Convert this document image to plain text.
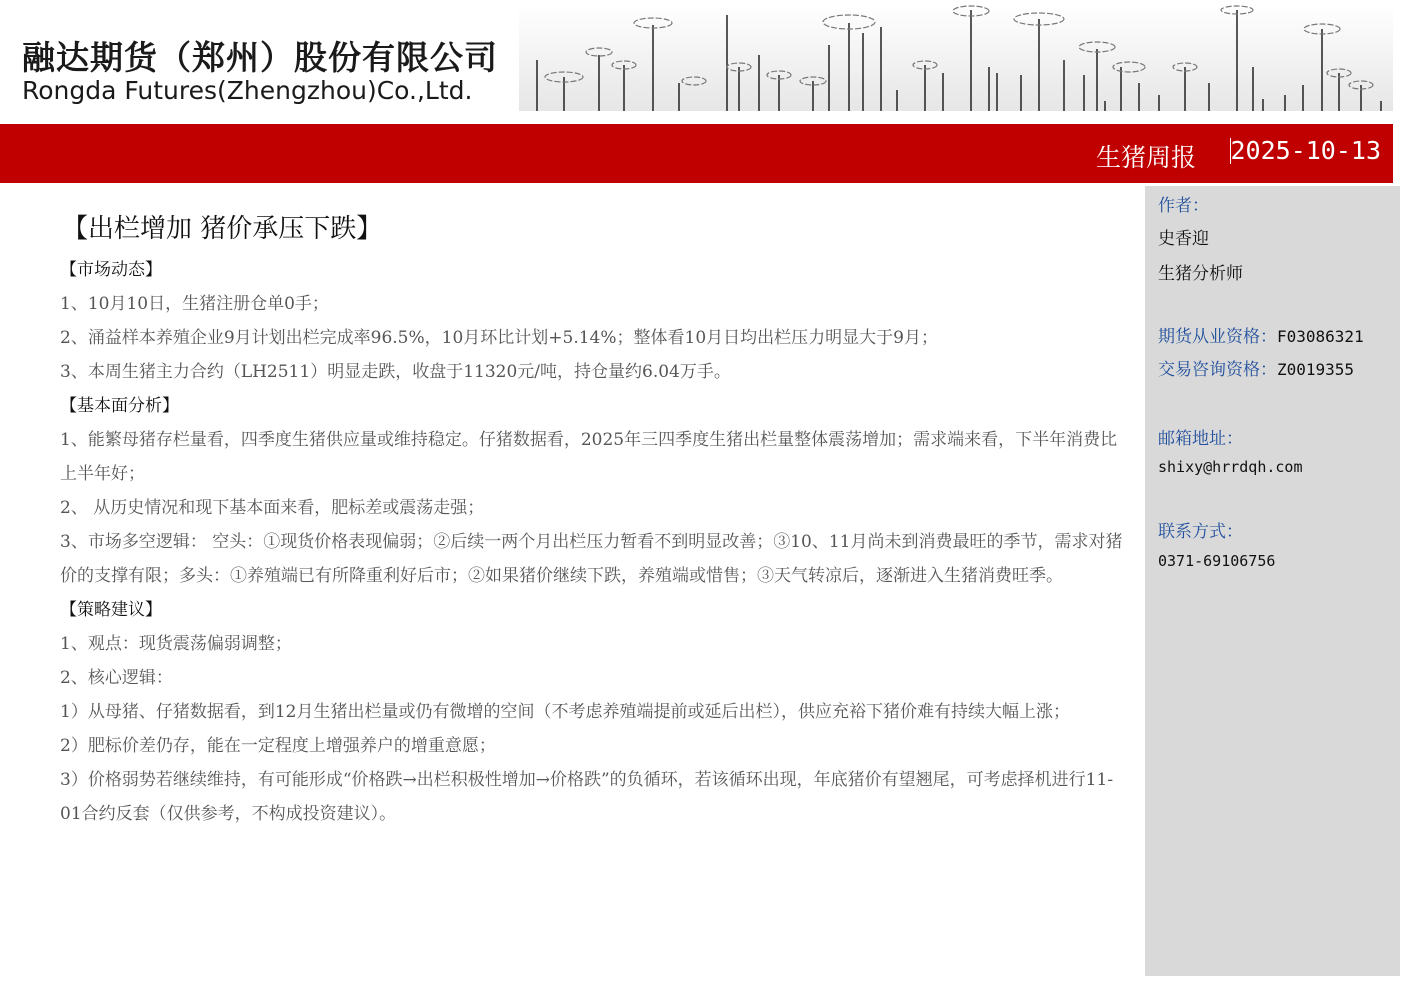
融达期货（郑州）股份有限公司
Rongda Futures(Zhengzhou)Co.,Ltd.
生猪周报 2025-10-13
作者：
史香迎
生猪分析师
期货从业资格：F03086321
交易咨询资格：Z0019355
邮箱地址：
shixy@hrrdqh.com
联系方式：
0371-69106756
【出栏增加 猪价承压下跌】
【市场动态】
1、10月10日，生猪注册仓单0手；
2、涌益样本养殖企业9月计划出栏完成率96.5%，10月环比计划+5.14%；整体看10月日均出栏压力明显大于9月；
3、本周生猪主力合约（LH2511）明显走跌，收盘于11320元/吨，持仓量约6.04万手。
【基本面分析】
1、能繁母猪存栏量看，四季度生猪供应量或维持稳定。仔猪数据看，2025年三四季度生猪出栏量整体震荡增加；需求端来看，下半年消费比上半年好；
2、 从历史情况和现下基本面来看，肥标差或震荡走强；
3、市场多空逻辑： 空头：①现货价格表现偏弱；②后续一两个月出栏压力暂看不到明显改善；③10、11月尚未到消费最旺的季节，需求对猪价的支撑有限；多头：①养殖端已有所降重利好后市；②如果猪价继续下跌，养殖端或惜售；③天气转凉后，逐渐进入生猪消费旺季。
【策略建议】
1、观点：现货震荡偏弱调整；
2、核心逻辑：
1）从母猪、仔猪数据看，到12月生猪出栏量或仍有微增的空间（不考虑养殖端提前或延后出栏），供应充裕下猪价难有持续大幅上涨；
2）肥标价差仍存，能在一定程度上增强养户的增重意愿；
3）价格弱势若继续维持，有可能形成“价格跌→出栏积极性增加→价格跌”的负循环，若该循环出现，年底猪价有望翘尾，可考虑择机进行11-01合约反套（仅供参考，不构成投资建议）。
